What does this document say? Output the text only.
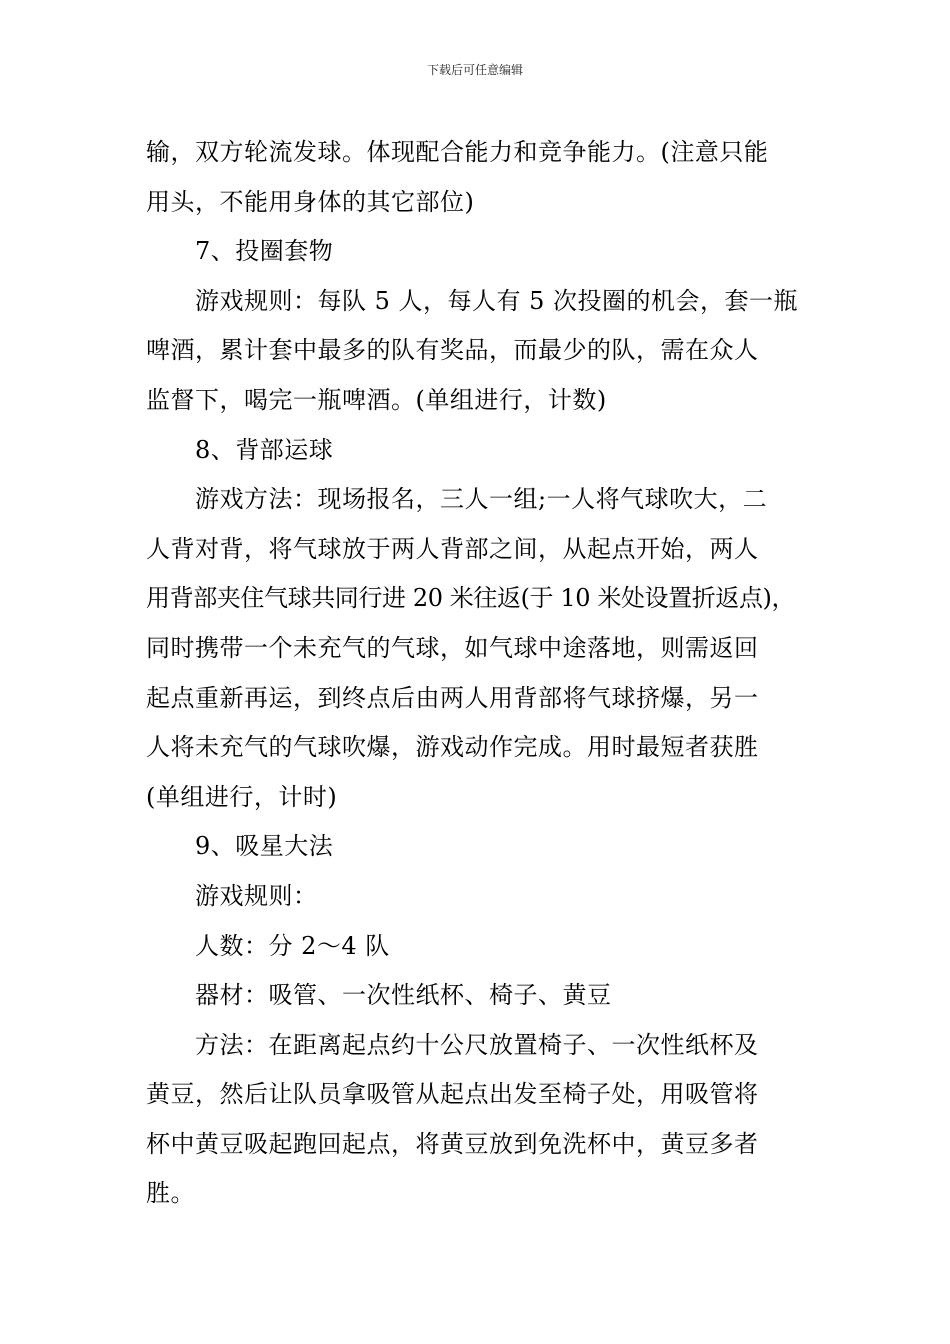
下载后可任意编辑
输，双方轮流发球。体现配合能力和竞争能力。(注意只能
用头，不能用身体的其它部位)
7、投圈套物
游戏规则：每队 5 人，每人有 5 次投圈的机会，套一瓶
啤酒，累计套中最多的队有奖品，而最少的队，需在众人
监督下，喝完一瓶啤酒。(单组进行，计数)
8、背部运球
游戏方法：现场报名，三人一组;一人将气球吹大，二
人背对背，将气球放于两人背部之间，从起点开始，两人
用背部夹住气球共同行进 20 米往返(于 10 米处设置折返点)，
同时携带一个未充气的气球，如气球中途落地，则需返回
起点重新再运，到终点后由两人用背部将气球挤爆，另一
人将未充气的气球吹爆，游戏动作完成。用时最短者获胜
(单组进行，计时)
9、吸星大法
游戏规则：
人数：分 2～4 队
器材：吸管、一次性纸杯、椅子、黄豆
方法：在距离起点约十公尺放置椅子、一次性纸杯及
黄豆，然后让队员拿吸管从起点出发至椅子处，用吸管将
杯中黄豆吸起跑回起点，将黄豆放到免洗杯中，黄豆多者
胜。
